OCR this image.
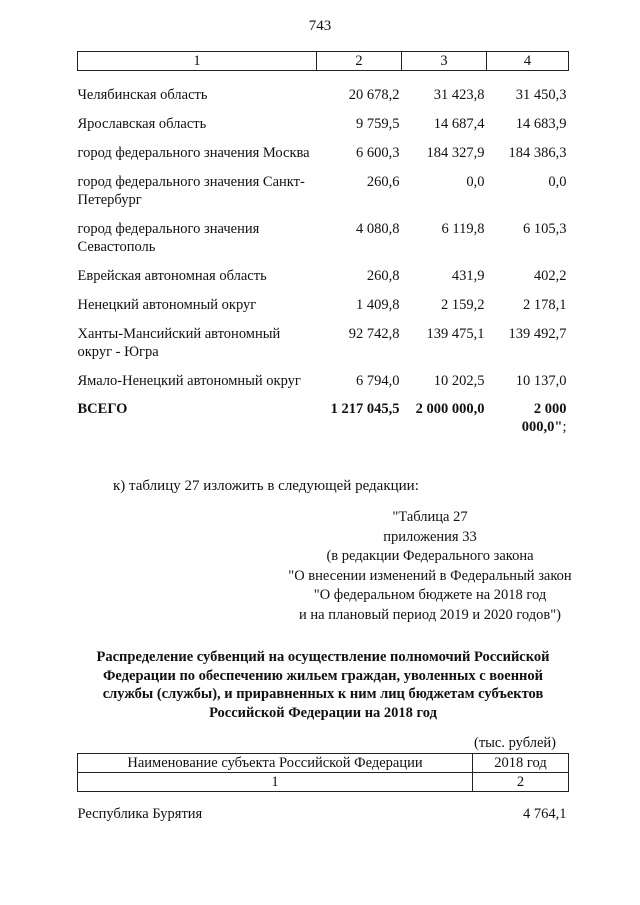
743
1	2	3	4
Челябинская область	20 678,2	31 423,8	31 450,3
Ярославская область	9 759,5	14 687,4	14 683,9
город федерального значения Москва	6 600,3	184 327,9	184 386,3
город федерального значения Санкт-Петербург	260,6	0,0	0,0
город федерального значения Севастополь	4 080,8	6 119,8	6 105,3
Еврейская автономная область	260,8	431,9	402,2
Ненецкий автономный округ	1 409,8	2 159,2	2 178,1
Ханты-Мансийский автономный округ - Югра	92 742,8	139 475,1	139 492,7
Ямало-Ненецкий автономный округ	6 794,0	10 202,5	10 137,0
ВСЕГО	1 217 045,5	2 000 000,0	2 000 000,0";
к) таблицу 27 изложить в следующей редакции:
"Таблица 27
приложения 33
(в редакции Федерального закона
"О внесении изменений в Федеральный закон
"О федеральном бюджете на 2018 год
и на плановый период 2019 и 2020 годов")
Распределение субвенций на осуществление полномочий Российской
Федерации по обеспечению жильем граждан, уволенных с военной
службы (службы), и приравненных к ним лиц бюджетам субъектов
Российской Федерации на 2018 год
(тыс. рублей)
Наименование субъекта Российской Федерации	2018 год
1	2
Республика Бурятия	4 764,1
